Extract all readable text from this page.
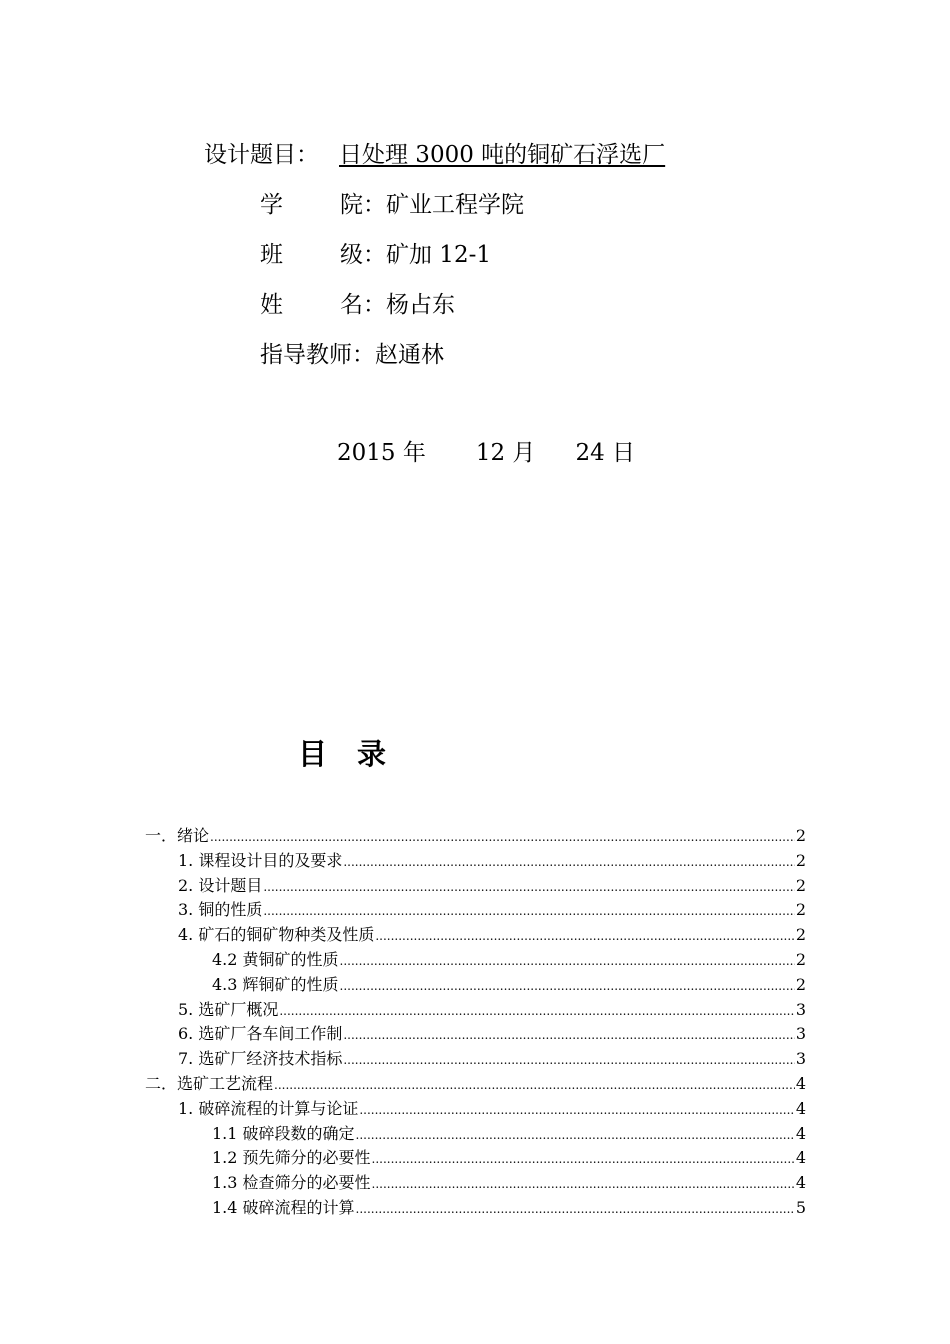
设计题目： 日处理 3000 吨的铜矿石浮选厂
学 院： 矿业工程学院
班 级： 矿加 12-1
姓 名： 杨占东
指导教师：赵通林
2015 年 12 月 24 日
目 录
一．绪论 .....	2
1. 课程设计目的及要求 .....	2
2. 设计题目 .....	2
3. 铜的性质 .....	2
4. 矿石的铜矿物种类及性质 .....	2
4.2 黄铜矿的性质 .....	2
4.3 辉铜矿的性质 .....	2
5. 选矿厂概况 .....	3
6. 选矿厂各车间工作制 .....	3
7. 选矿厂经济技术指标 .....	3
二．选矿工艺流程 .....	4
1. 破碎流程的计算与论证 .....	4
1.1 破碎段数的确定 .....	4
1.2 预先筛分的必要性 .....	4
1.3 检查筛分的必要性 .....	4
1.4 破碎流程的计算 .....	5
